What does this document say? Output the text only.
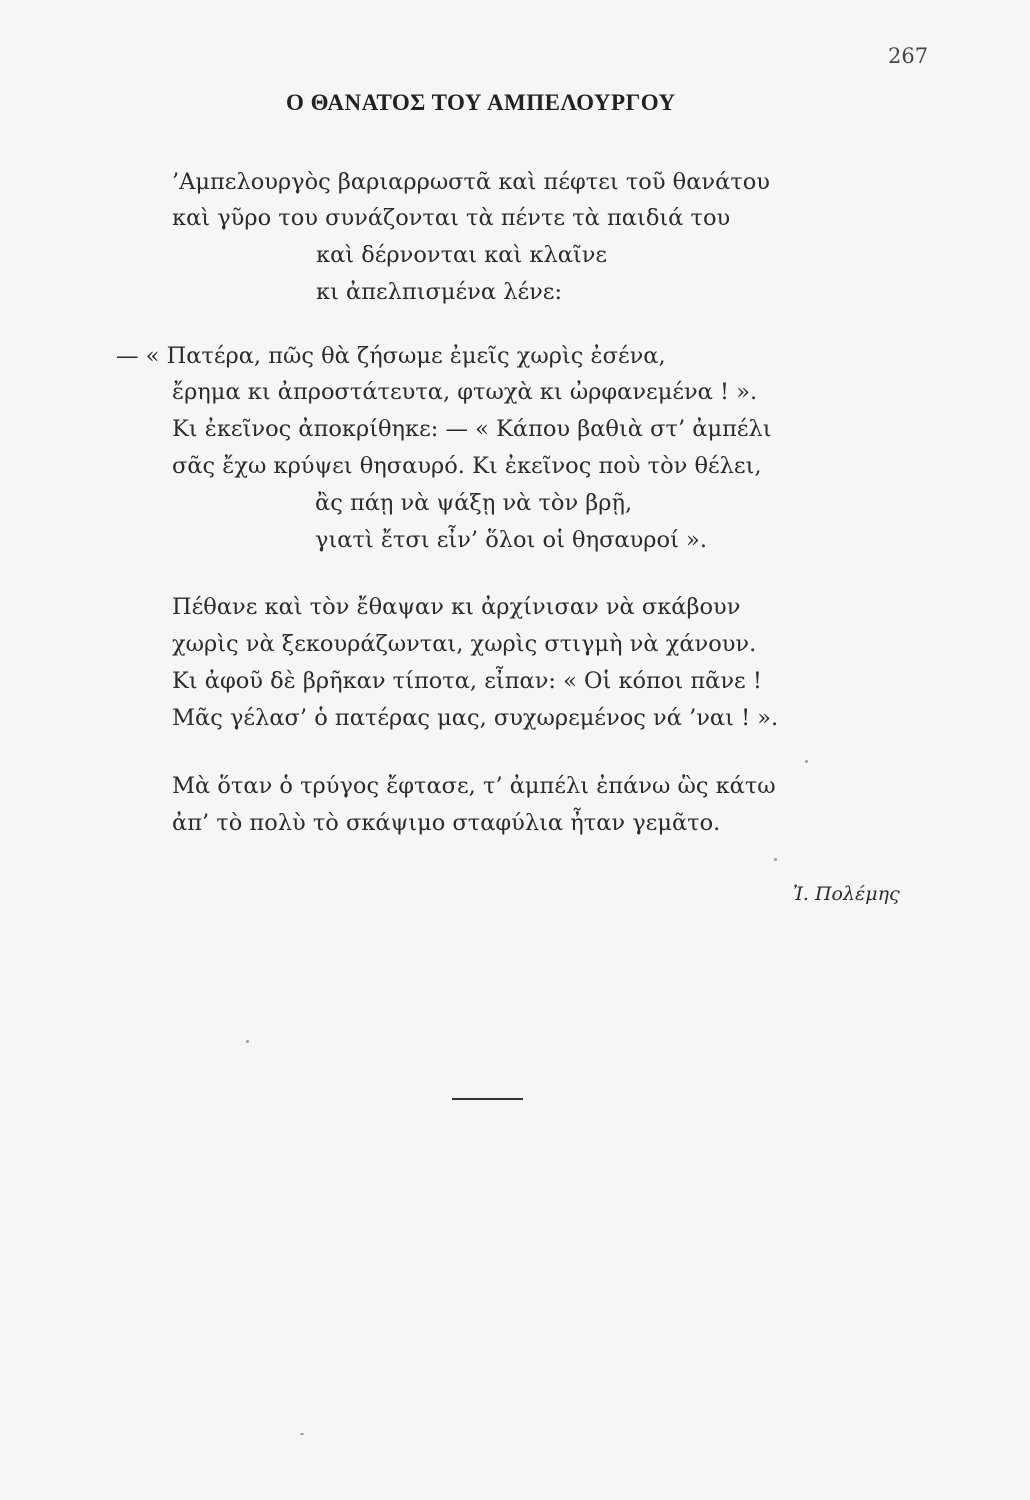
267
Ο ΘΑΝΑΤΟΣ ΤΟΥ ΑΜΠΕΛΟΥΡΓΟΥ
’Αμπελουργὸς βαριαρρωστᾶ καὶ πέφτει τοῦ θανάτου
καὶ γῦρο του συνάζονται τὰ πέντε τὰ παιδιά του
καὶ δέρνονται καὶ κλαῖνε
κι ἀπελπισμένα λένε:
— « Πατέρα, πῶς θὰ ζήσωμε ἐμεῖς χωρὶς ἐσένα,
ἔρημα κι ἀπροστάτευτα, φτωχὰ κι ὠρφανεμένα ! ».
Κι ἐκεῖνος ἀποκρίθηκε: — « Κάπου βαθιὰ στ’ ἀμπέλι
σᾶς ἔχω κρύψει θησαυρό. Κι ἐκεῖνος ποὺ τὸν θέλει,
ἂς πάῃ νὰ ψάξῃ νὰ τὸν βρῇ,
γιατὶ ἔτσι εἶν’ ὅλοι οἱ θησαυροί ».
Πέθανε καὶ τὸν ἔθαψαν κι ἀρχίνισαν νὰ σκάβουν
χωρὶς νὰ ξεκουράζωνται, χωρὶς στιγμὴ νὰ χάνουν.
Κι ἀφοῦ δὲ βρῆκαν τίποτα, εἶπαν: « Οἱ κόποι πᾶνε !
Μᾶς γέλασ’ ὁ πατέρας μας, συχωρεμένος νά ’ναι ! ».
Μὰ ὅταν ὁ τρύγος ἔφτασε, τ’ ἀμπέλι ἐπάνω ὣς κάτω
ἀπ’ τὸ πολὺ τὸ σκάψιμο σταφύλια ἦταν γεμᾶτο.
Ἰ. Πολέμης
